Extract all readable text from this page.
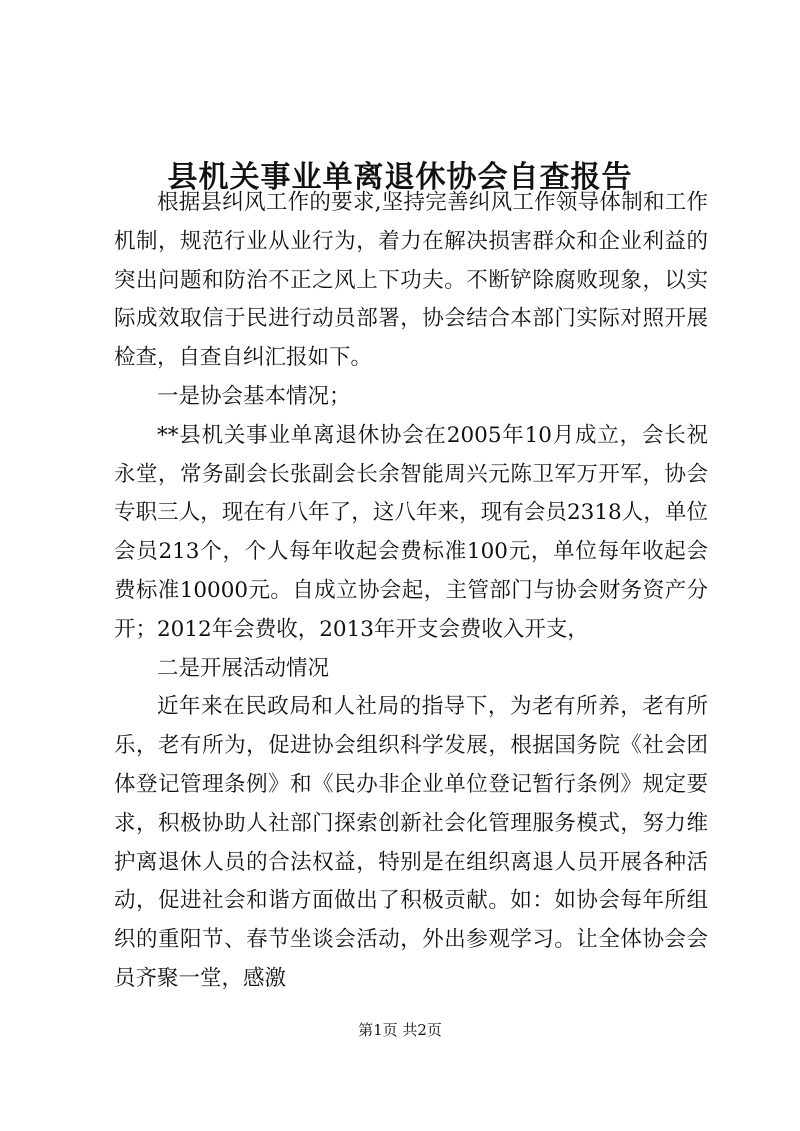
县机关事业单离退休协会自查报告

根据县纠风工作的要求,坚持完善纠风工作领导体制和工作机制，规范行业从业行为，着力在解决损害群众和企业利益的突出问题和防治不正之风上下功夫。不断铲除腐败现象，以实际成效取信于民进行动员部署，协会结合本部门实际对照开展检查，自查自纠汇报如下。

一是协会基本情况；

**县机关事业单离退休协会在2005年10月成立，会长祝永堂，常务副会长张副会长余智能周兴元陈卫军万开军，协会专职三人，现在有八年了，这八年来，现有会员2318人，单位会员213个，个人每年收起会费标准100元，单位每年收起会费标准10000元。自成立协会起，主管部门与协会财务资产分开；2012年会费收，2013年开支会费收入开支，

二是开展活动情况

近年来在民政局和人社局的指导下，为老有所养，老有所乐，老有所为，促进协会组织科学发展，根据国务院《社会团体登记管理条例》和《民办非企业单位登记暂行条例》规定要求，积极协助人社部门探索创新社会化管理服务模式，努力维护离退休人员的合法权益，特别是在组织离退人员开展各种活动，促进社会和谐方面做出了积极贡献。如：如协会每年所组织的重阳节、春节坐谈会活动，外出参观学习。让全体协会会员齐聚一堂，感激

第1页 共2页
